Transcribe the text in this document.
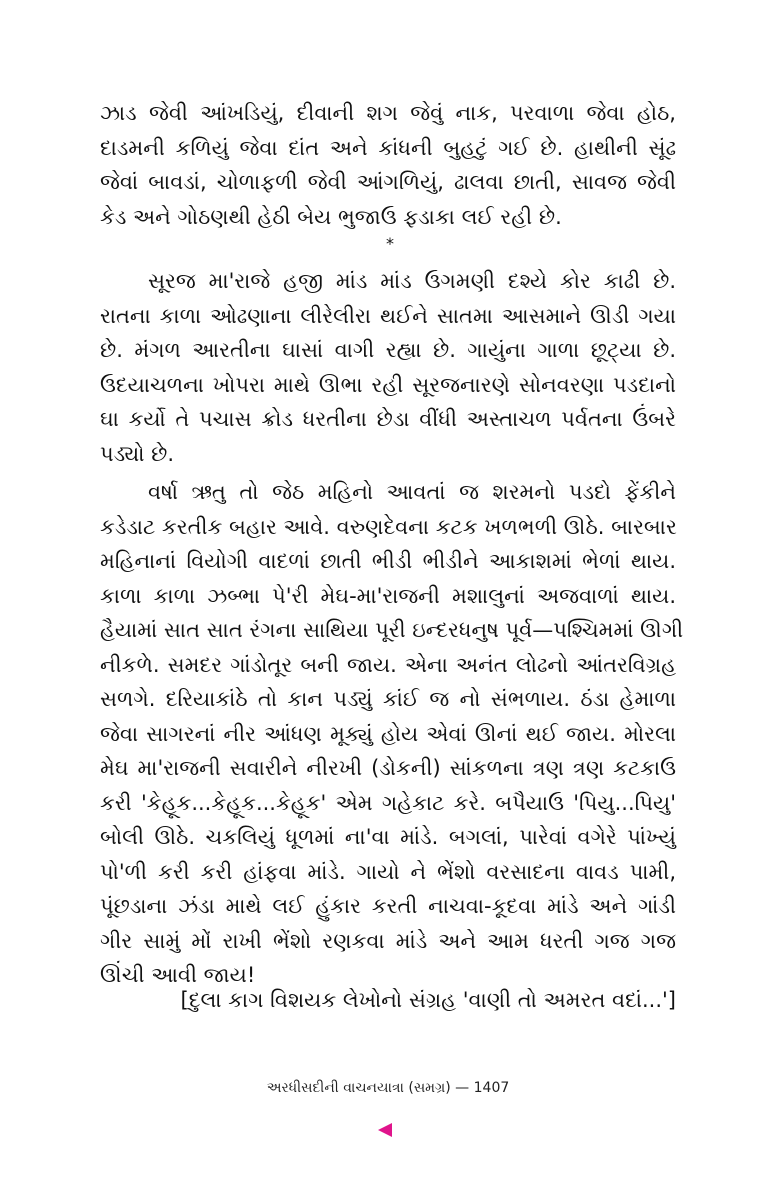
ઝાડ જેવી આંખડિયું, દીવાની શગ જેવું નાક, પરવાળા જેવા હોઠ,
દાડમની કળિયું જેવા દાંત અને કાંધની બુહટું ગઈ છે. હાથીની સૂંઢ
જેવાં બાવડાં, ચોળાફળી જેવી આંગળિયું, ઢાલવા છાતી, સાવજ જેવી
કેડ અને ગોઠણથી હેઠી બેય ભુજાઉ ફડાકા લઈ રહી છે.
*
સૂરજ મા'રાજે હજી માંડ માંડ ઉગમણી દશ્યે કોર કાઢી છે.
રાતના કાળા ઓઢણાના લીરેલીરા થઈને સાતમા આસમાને ઊડી ગયા
છે. મંગળ આરતીના ઘાસાં વાગી રહ્યા છે. ગાયુંના ગાળા છૂટ્યા છે.
ઉદયાચળના ખોપરા માથે ઊભા રહી સૂરજનારણે સોનવરણા પડદાનો
ઘા કર્યો તે પચાસ ક્રોડ ધરતીના છેડા વીંધી અસ્તાચળ પર્વતના ઉંબરે
પડ્યો છે.
વર્ષા ઋતુ તો જેઠ મહિનો આવતાં જ શરમનો પડદો ફેંકીને
કડેડાટ કરતીક બહાર આવે. વરુણદેવના કટક ખળભળી ઊઠે. બારબાર
મહિનાનાં વિયોગી વાદળાં છાતી ભીડી ભીડીને આકાશમાં ભેળાં થાય.
કાળા કાળા ઝબ્ભા પે'રી મેઘ-મા'રાજની મશાલુનાં અજવાળાં થાય.
હૈયામાં સાત સાત રંગના સાથિયા પૂરી ઇન્દરધનુષ પૂર્વ—પશ્ચિમમાં ઊગી
નીકળે. સમદર ગાંડોતૂર બની જાય. એના અનંત લોઢનો આંતરવિગ્રહ
સળગે. દરિયાકાંઠે તો કાન પડ્યું કાંઈ જ નો સંભળાય. ઠંડા હેમાળા
જેવા સાગરનાં નીર આંધણ મૂક્યું હોય એવાં ઊનાં થઈ જાય. મોરલા
મેઘ મા'રાજની સવારીને નીરખી (ડોકની) સાંકળના ત્રણ ત્રણ કટકાઉ
કરી 'કેહૂક...કેહૂક...કેહૂક' એમ ગહેકાટ કરે. બપૈયાઉ 'પિયુ...પિયુ'
બોલી ઊઠે. ચકલિયું ધૂળમાં ના'વા માંડે. બગલાં, પારેવાં વગેરે પાંખ્યું
પો'ળી કરી કરી હાંફવા માંડે. ગાયો ને ભેંશો વરસાદના વાવડ પામી,
પૂંછડાના ઝંડા માથે લઈ હુંકાર કરતી નાચવા-કૂદવા માંડે અને ગાંડી
ગીર સામું મોં રાખી ભેંશો રણકવા માંડે અને આમ ધરતી ગજ ગજ
ઊંચી આવી જાય!
[દુલા કાગ વિશયક લેખોનો સંગ્રહ 'વાણી તો અમરત વદાં...']
અરધીસદીની વાચનયાત્રા (સમગ્ર) — 1407
